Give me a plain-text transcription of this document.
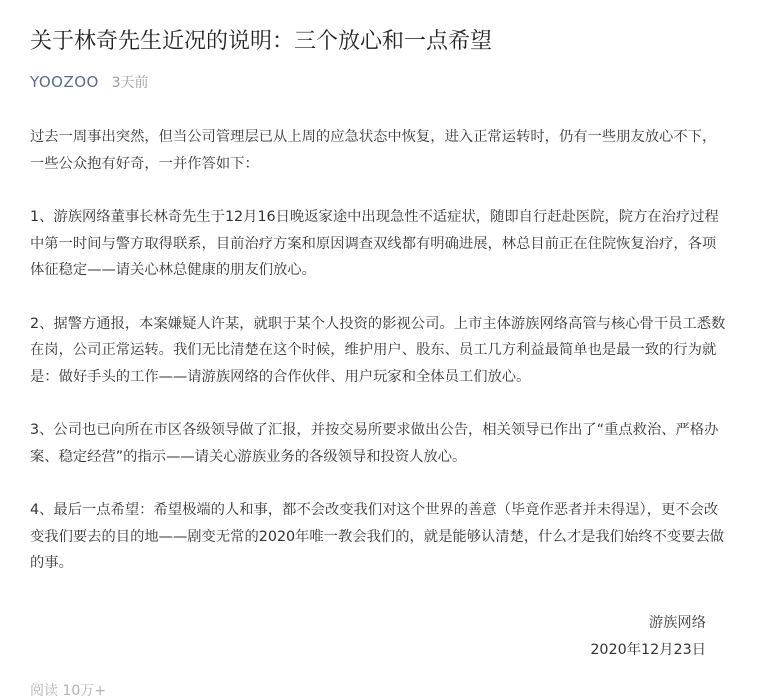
关于林奇先生近况的说明：三个放心和一点希望
YOOZOO 3天前

过去一周事出突然，但当公司管理层已从上周的应急状态中恢复，进入正常运转时，仍有一些朋友放心不下，一些公众抱有好奇，一并作答如下：

1、游族网络董事长林奇先生于12月16日晚返家途中出现急性不适症状，随即自行赶赴医院，院方在治疗过程中第一时间与警方取得联系，目前治疗方案和原因调查双线都有明确进展，林总目前正在住院恢复治疗，各项体征稳定——请关心林总健康的朋友们放心。

2、据警方通报，本案嫌疑人许某，就职于某个人投资的影视公司。上市主体游族网络高管与核心骨干员工悉数在岗，公司正常运转。我们无比清楚在这个时候，维护用户、股东、员工几方利益最简单也是最一致的行为就是：做好手头的工作——请游族网络的合作伙伴、用户玩家和全体员工们放心。

3、公司也已向所在市区各级领导做了汇报，并按交易所要求做出公告，相关领导已作出了“重点救治、严格办案、稳定经营”的指示——请关心游族业务的各级领导和投资人放心。

4、最后一点希望：希望极端的人和事，都不会改变我们对这个世界的善意（毕竟作恶者并未得逞），更不会改变我们要去的目的地——剧变无常的2020年唯一教会我们的，就是能够认清楚，什么才是我们始终不变要去做的事。

游族网络
2020年12月23日
阅读 10万+
